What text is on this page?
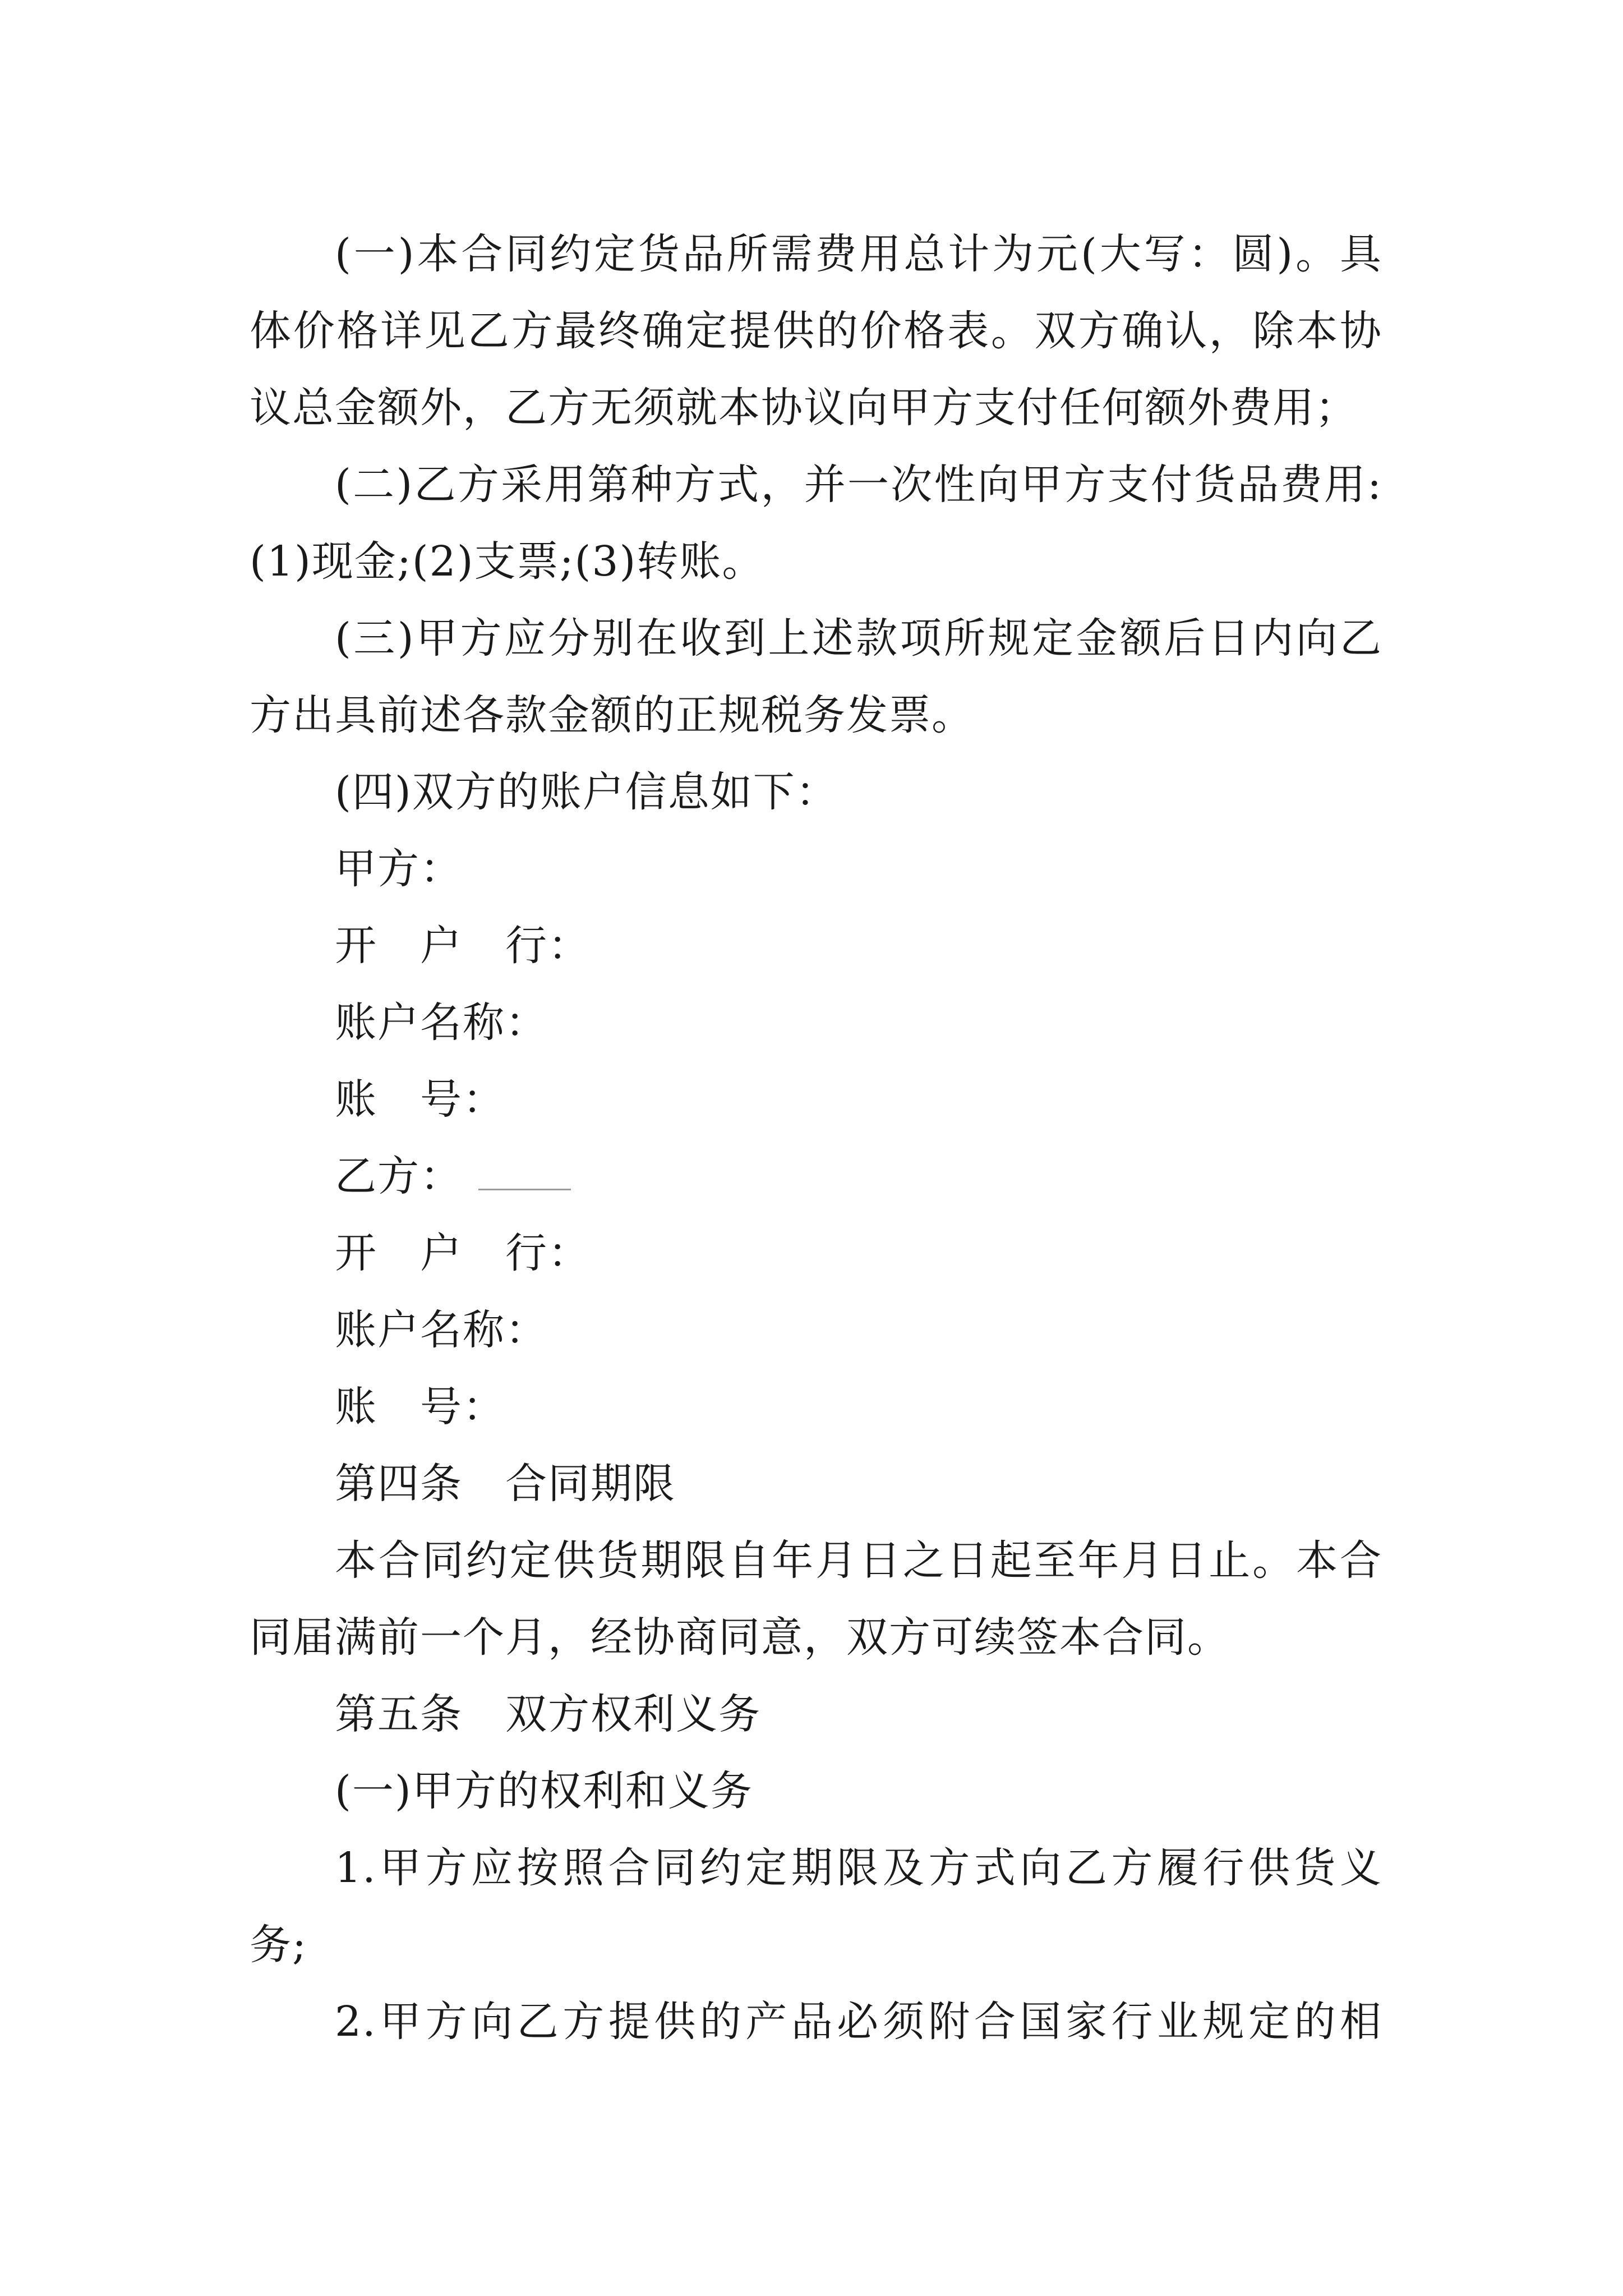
(一)本合同约定货品所需费用总计为元(大写：圆)。具
体价格详见乙方最终确定提供的价格表。双方确认，除本协
议总金额外，乙方无须就本协议向甲方支付任何额外费用；
(二)乙方采用第种方式，并一次性向甲方支付货品费用:
(1)现金;(2)支票;(3)转账。
(三)甲方应分别在收到上述款项所规定金额后日内向乙
方出具前述各款金额的正规税务发票。
(四)双方的账户信息如下：
甲方：
开　户　行：
账户名称：
账　号：
乙方：
开　户　行：
账户名称：
账　号：
第四条　合同期限
本合同约定供货期限自年月日之日起至年月日止。本合
同届满前一个月，经协商同意，双方可续签本合同。
第五条　双方权利义务
(一)甲方的权利和义务
1.甲方应按照合同约定期限及方式向乙方履行供货义
务;
2.甲方向乙方提供的产品必须附合国家行业规定的相
